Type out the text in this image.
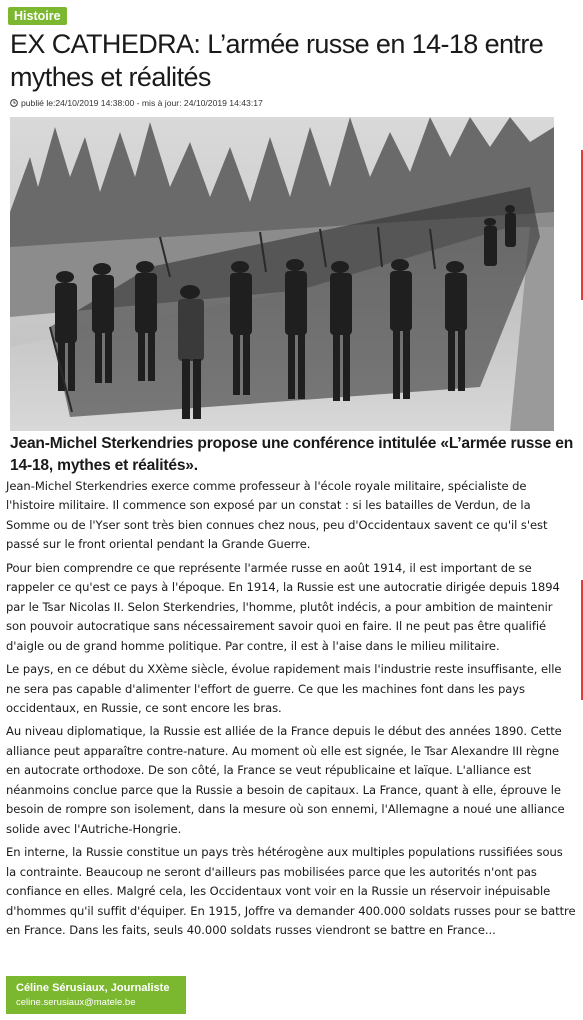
Histoire
EX CATHEDRA: L’armée russe en 14-18 entre mythes et réalités
publié le:24/10/2019 14:38:00 - mis à jour: 24/10/2019 14:43:17

Jean-Michel Sterkendries propose une conférence intitulée «L’armée russe en 14-18, mythes et réalités».

Jean-Michel Sterkendries exerce comme professeur à l'école royale militaire, spécialiste de l'histoire militaire. Il commence son exposé par un constat : si les batailles de Verdun, de la Somme ou de l'Yser sont très bien connues chez nous, peu d'Occidentaux savent ce qu'il s'est passé sur le front oriental pendant la Grande Guerre.

Pour bien comprendre ce que représente l'armée russe en août 1914, il est important de se rappeler ce qu'est ce pays à l'époque. En 1914, la Russie est une autocratie dirigée depuis 1894 par le Tsar Nicolas II. Selon Sterkendries, l'homme, plutôt indécis, a pour ambition de maintenir son pouvoir autocratique sans nécessairement savoir quoi en faire. Il ne peut pas être qualifié d'aigle ou de grand homme politique. Par contre, il est à l'aise dans le milieu militaire.

Le pays, en ce début du XXème siècle, évolue rapidement mais l'industrie reste insuffisante, elle ne sera pas capable d'alimenter l'effort de guerre. Ce que les machines font dans les pays occidentaux, en Russie, ce sont encore les bras.

Au niveau diplomatique, la Russie est alliée de la France depuis le début des années 1890. Cette alliance peut apparaître contre-nature. Au moment où elle est signée, le Tsar Alexandre III règne en autocrate orthodoxe. De son côté, la France se veut républicaine et laïque. L'alliance est néanmoins conclue parce que la Russie a besoin de capitaux. La France, quant à elle, éprouve le besoin de rompre son isolement, dans la mesure où son ennemi, l'Allemagne a noué une alliance solide avec l'Autriche-Hongrie.

En interne, la Russie constitue un pays très hétérogène aux multiples populations russifiées sous la contrainte. Beaucoup ne seront d'ailleurs pas mobilisées parce que les autorités n'ont pas confiance en elles. Malgré cela, les Occidentaux vont voir en la Russie un réservoir inépuisable d'hommes qu'il suffit d'équiper. En 1915, Joffre va demander 400.000 soldats russes pour se battre en France. Dans les faits, seuls 40.000 soldats russes viendront se battre en France...

Céline Sérusiaux, Journaliste
celine.serusiaux@matele.be
